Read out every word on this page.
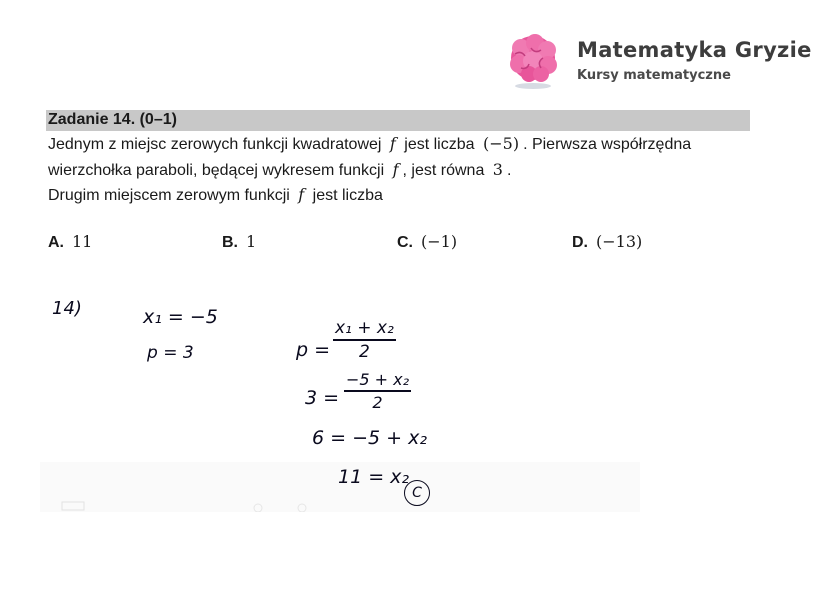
Matematyka Gryzie
Kursy matematyczne
Zadanie 14. (0–1)
Jednym z miejsc zerowych funkcji kwadratowej f jest liczba (−5) . Pierwsza współrzędna
wierzchołka paraboli, będącej wykresem funkcji f , jest równa 3 .
Drugim miejscem zerowym funkcji f jest liczba
A. 11	B. 1	C. (−1)	D. (−13)
14)	x₁ = −5
p = 3	p =
x₁ + x₂
2
3 =
−5 + x₂
2
6 = −5 + x₂
11 = x₂
C
